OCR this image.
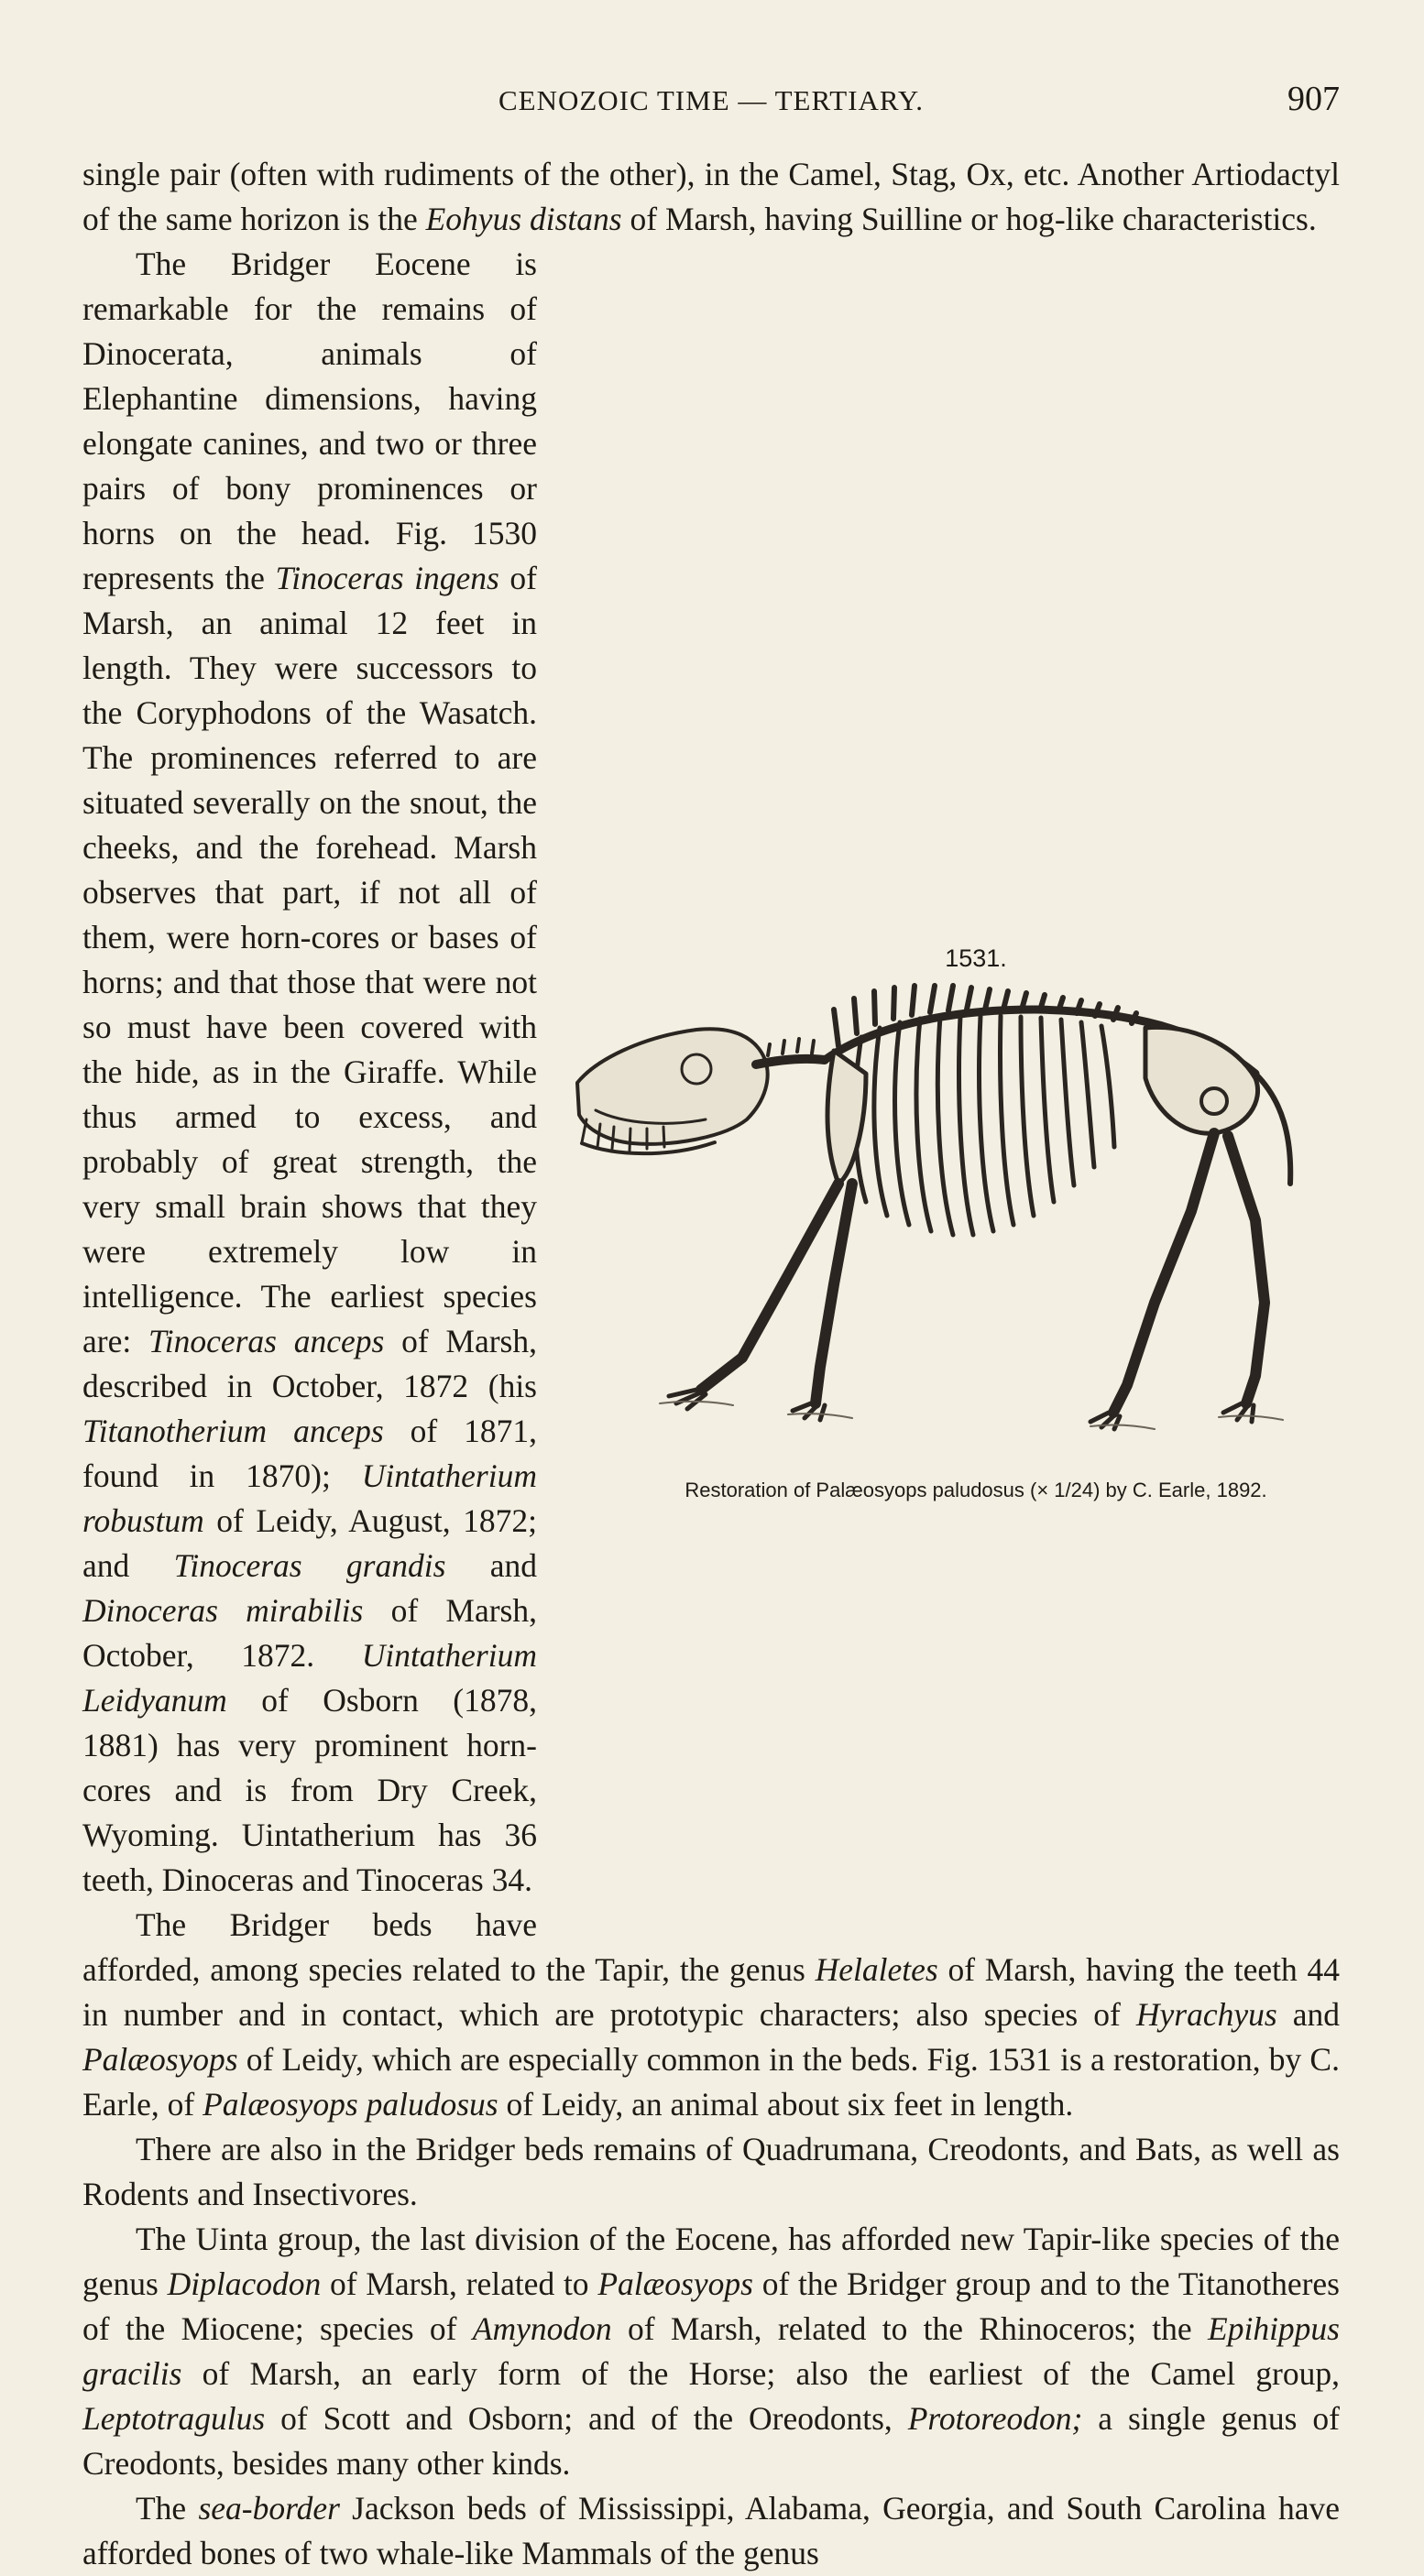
CENOZOIC TIME — TERTIARY.	907

single pair (often with rudiments of the other), in the Camel, Stag, Ox, etc. Another Artiodactyl of the same horizon is the Eohyus distans of Marsh, having Suilline or hog-like characteristics.

1531.
Restoration of Palæosyops paludosus (× 1/24) by C. Earle, 1892.
The Bridger Eocene is remarkable for the remains of Dinocerata, animals of Elephantine dimensions, having elongate canines, and two or three pairs of bony prominences or horns on the head. Fig. 1530 represents the Tinoceras ingens of Marsh, an animal 12 feet in length. They were successors to the Coryphodons of the Wasatch. The prominences referred to are situated severally on the snout, the cheeks, and the forehead. Marsh observes that part, if not all of them, were horn-cores or bases of horns; and that those that were not so must have been covered with the hide, as in the Giraffe. While thus armed to excess, and probably of great strength, the very small brain shows that they were extremely low in intelligence. The earliest species are: Tinoceras anceps of Marsh, described in October, 1872 (his Titanotherium anceps of 1871, found in 1870); Uintatherium robustum of Leidy, August, 1872; and Tinoceras grandis and Dinoceras mirabilis of Marsh, October, 1872. Uintatherium Leidyanum of Osborn (1878, 1881) has very prominent horn-cores and is from Dry Creek, Wyoming. Uintatherium has 36 teeth, Dinoceras and Tinoceras 34.

The Bridger beds have afforded, among species related to the Tapir, the genus Helaletes of Marsh, having the teeth 44 in number and in contact, which are prototypic characters; also species of Hyrachyus and Palæosyops of Leidy, which are especially common in the beds. Fig. 1531 is a restoration, by C. Earle, of Palæosyops paludosus of Leidy, an animal about six feet in length.

There are also in the Bridger beds remains of Quadrumana, Creodonts, and Bats, as well as Rodents and Insectivores.

The Uinta group, the last division of the Eocene, has afforded new Tapir-like species of the genus Diplacodon of Marsh, related to Palæosyops of the Bridger group and to the Titanotheres of the Miocene; species of Amynodon of Marsh, related to the Rhinoceros; the Epihippus gracilis of Marsh, an early form of the Horse; also the earliest of the Camel group, Leptotragulus of Scott and Osborn; and of the Oreodonts, Protoreodon; a single genus of Creodonts, besides many other kinds.

The sea-border Jackson beds of Mississippi, Alabama, Georgia, and South Carolina have afforded bones of two whale-like Mammals of the genus
